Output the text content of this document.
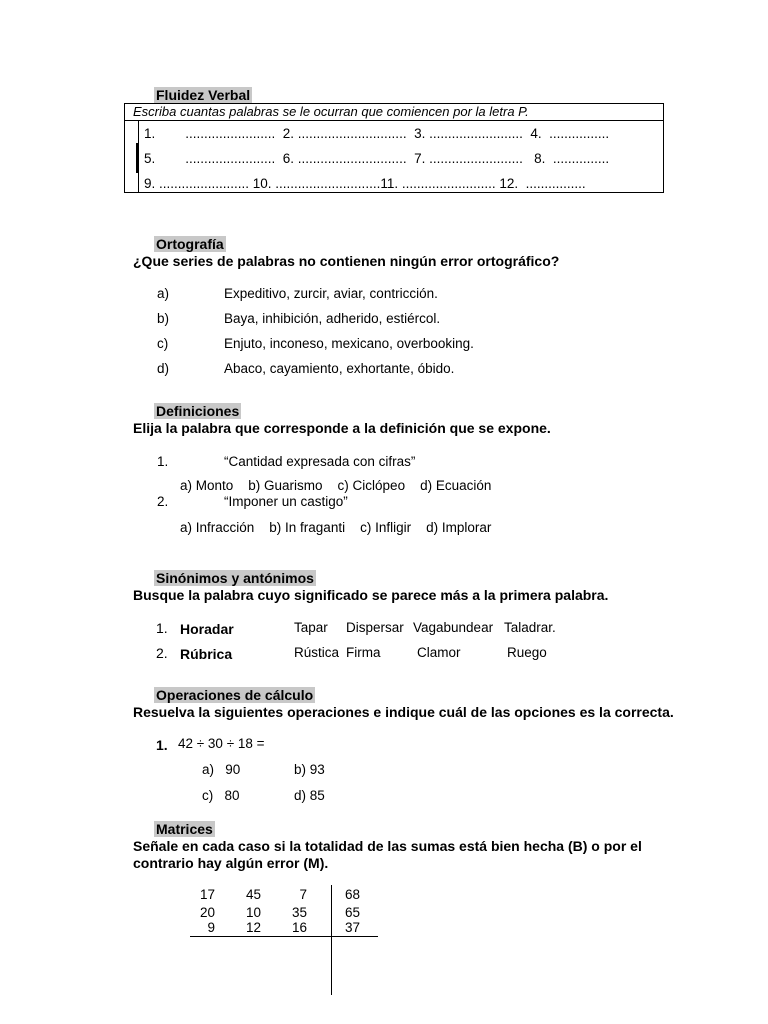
Fluidez Verbal
Escriba cuantas palabras se le ocurran que comiencen por la letra P.
1.        ........................  2. .............................  3. .........................  4.  ................
5.        ........................  6. .............................  7. .........................   8.  ...............
9. ........................ 10. ............................11. ......................... 12.  ................
Ortografía
¿Que series de palabras no contienen ningún error ortográfico?
a)	Expeditivo, zurcir, aviar, contricción.
b)	Baya, inhibición, adherido, estiércol.
c)	Enjuto, inconeso, mexicano, overbooking.
d)	Abaco, cayamiento, exhortante, óbido.
Definiciones
Elija la palabra que corresponde a la definición que se expone.
1.	“Cantidad expresada con cifras”
a) Monto    b) Guarismo    c) Ciclópeo    d) Ecuación
2.	“Imponer un castigo”
a) Infracción    b) In fraganti    c) Infligir    d) Implorar
Sinónimos y antónimos
Busque la palabra cuyo significado se parece más a la primera palabra.
1. Horadar	Tapar Dispersar Vagabundear Taladrar.
2. Rúbrica	Rústica Firma	Clamor	Ruego
Operaciones de cálculo
Resuelva la siguientes operaciones e indique cuál de las opciones es la correcta.
1. 42 ÷ 30 ÷ 18 =
a)   90	b) 93
c)   80	d) 85
Matrices
Señale en cada caso si la totalidad de las sumas está bien hecha (B) o por el
contrario hay algún error (M).
17	45	7	68
20	10	35	65
9	12	16	37
